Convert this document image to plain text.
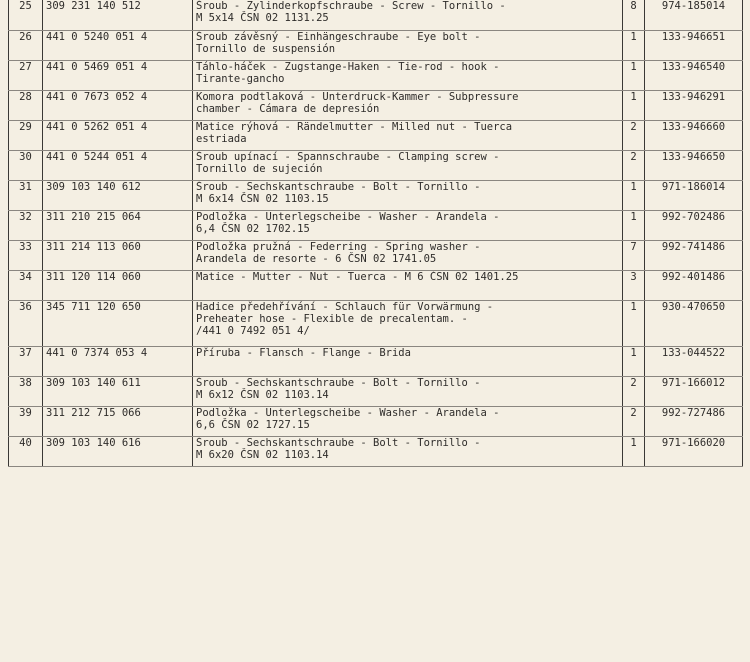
25	309 231 140 512	Šroub - Zylinderkopfschraube - Screw - Tornillo -
M 5x14 ČSN 02 1131.25	8	974-185014
26	441 0 5240 051 4	Šroub závěsný - Einhängeschraube - Eye bolt -
Tornillo de suspensión	1	133-946651
27	441 0 5469 051 4	Táhlo-háček - Zugstange-Haken - Tie-rod - hook -
Tirante-gancho	1	133-946540
28	441 0 7673 052 4	Komora podtlaková - Unterdruck-Kammer - Subpressure
chamber - Cámara de depresión	1	133-946291
29	441 0 5262 051 4	Matice rýhová - Rändelmutter - Milled nut - Tuerca
estriada	2	133-946660
30	441 0 5244 051 4	Šroub upínací - Spannschraube - Clamping screw -
Tornillo de sujeción	2	133-946650
31	309 103 140 612	Šroub - Sechskantschraube - Bolt - Tornillo -
M 6x14 ČSN 02 1103.15	1	971-186014
32	311 210 215 064	Podložka - Unterlegscheibe - Washer - Arandela -
6,4 ČSN 02 1702.15	1	992-702486
33	311 214 113 060	Podložka pružná - Federring - Spring washer -
Arandela de resorte - 6 ČSN 02 1741.05	7	992-741486
34	311 120 114 060	Matice - Mutter - Nut - Tuerca - M 6 ČSN 02 1401.25	3	992-401486
36	345 711 120 650	Hadice předehřívání - Schlauch für Vorwärmung -
Preheater hose - Flexible de precalentam. -
/441 0 7492 051 4/	1	930-470650
37	441 0 7374 053 4	Příruba - Flansch - Flange - Brida	1	133-044522
38	309 103 140 611	Šroub - Sechskantschraube - Bolt - Tornillo -
M 6x12 ČSN 02 1103.14	2	971-166012
39	311 212 715 066	Podložka - Unterlegscheibe - Washer - Arandela -
6,6 ČSN 02 1727.15	2	992-727486
40	309 103 140 616	Šroub - Sechskantschraube - Bolt - Tornillo -
M 6x20 ČSN 02 1103.14	1	971-166020
